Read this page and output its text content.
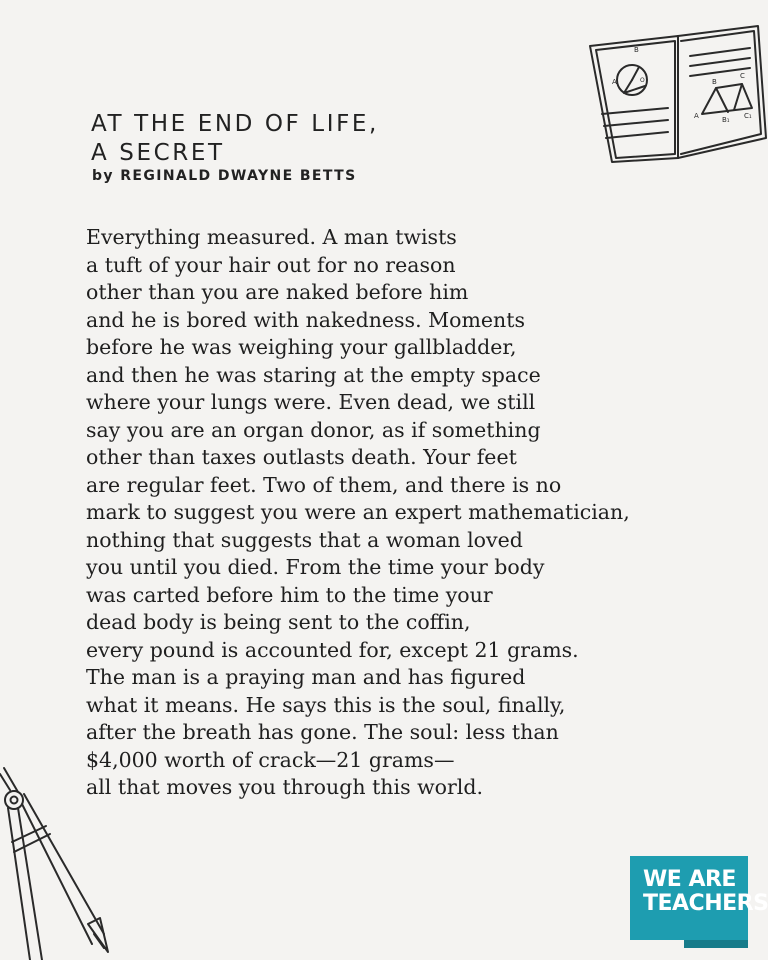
AT THE END OF LIFE,
A SECRET
by REGINALD DWAYNE BETTS
Everything measured. A man twists
a tuft of your hair out for no reason
other than you are naked before him
and he is bored with nakedness. Moments
before he was weighing your gallbladder,
and then he was staring at the empty space
where your lungs were. Even dead, we still
say you are an organ donor, as if something
other than taxes outlasts death. Your feet
are regular feet. Two of them, and there is no
mark to suggest you were an expert mathematician,
nothing that suggests that a woman loved
you until you died. From the time your body
was carted before him to the time your
dead body is being sent to the coffin,
every pound is accounted for, except 21 grams.
The man is a praying man and has figured
what it means. He says this is the soul, finally,
after the breath has gone. The soul: less than
$4,000 worth of crack—21 grams—
all that moves you through this world.
B
A	O	B
C
A	B₁ C₁
WE ARE
TEACHERS
